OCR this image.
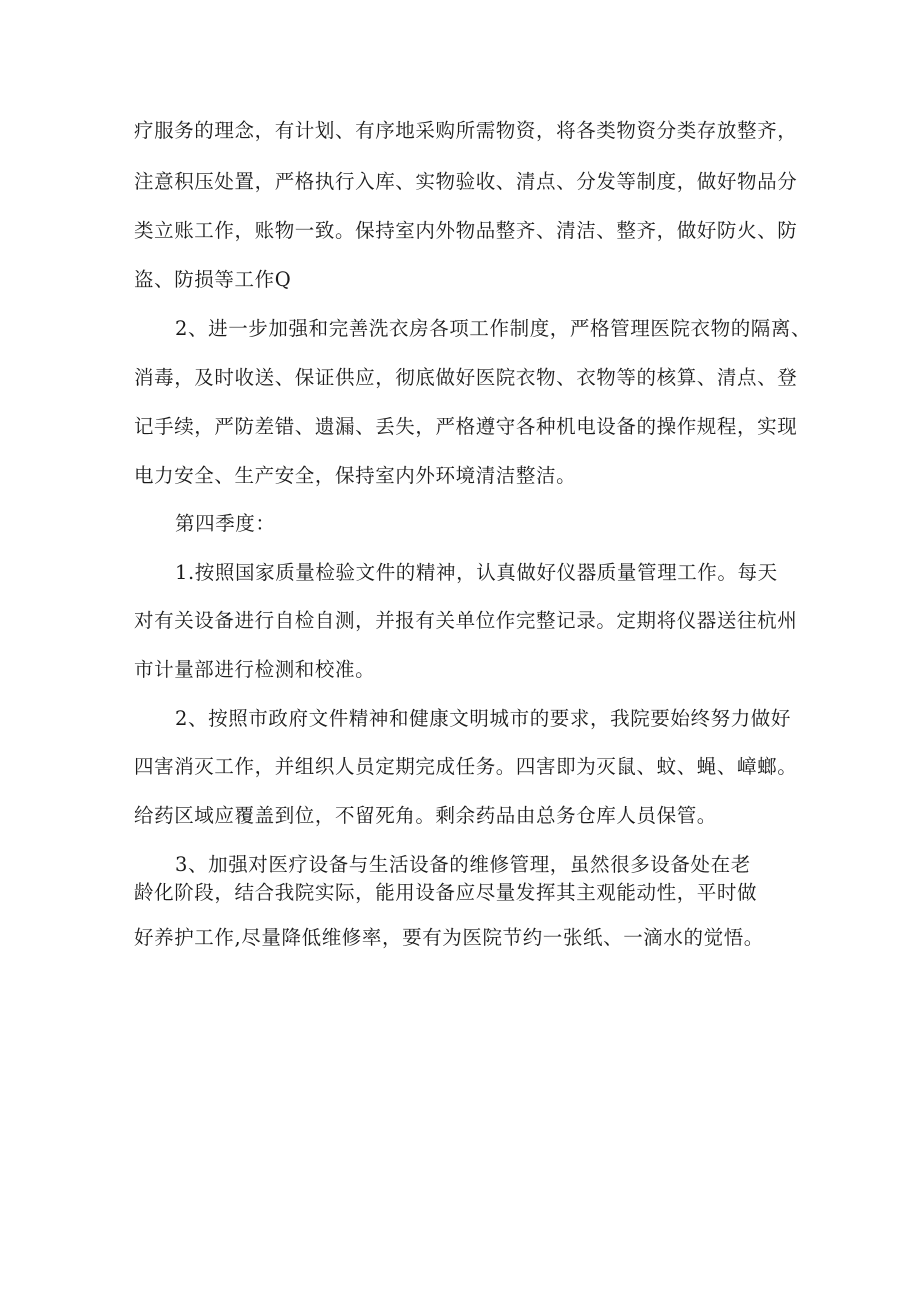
疗服务的理念，有计划、有序地采购所需物资，将各类物资分类存放整齐，
注意积压处置，严格执行入库、实物验收、清点、分发等制度，做好物品分
类立账工作，账物一致。保持室内外物品整齐、清洁、整齐，做好防火、防
盗、防损等工作Q
2、进一步加强和完善洗衣房各项工作制度，严格管理医院衣物的隔离、
消毒，及时收送、保证供应，彻底做好医院衣物、衣物等的核算、清点、登
记手续，严防差错、遗漏、丢失，严格遵守各种机电设备的操作规程，实现
电力安全、生产安全，保持室内外环境清洁整洁。
第四季度：
1.按照国家质量检验文件的精神，认真做好仪器质量管理工作。每天
对有关设备进行自检自测，并报有关单位作完整记录。定期将仪器送往杭州
市计量部进行检测和校准。
2、按照市政府文件精神和健康文明城市的要求，我院要始终努力做好
四害消灭工作，并组织人员定期完成任务。四害即为灭鼠、蚊、蝇、嶂螂。
给药区域应覆盖到位，不留死角。剩余药品由总务仓库人员保管。
3、加强对医疗设备与生活设备的维修管理，虽然很多设备处在老
龄化阶段，结合我院实际，能用设备应尽量发挥其主观能动性，平时做
好养护工作,尽量降低维修率，要有为医院节约一张纸、一滴水的觉悟。
